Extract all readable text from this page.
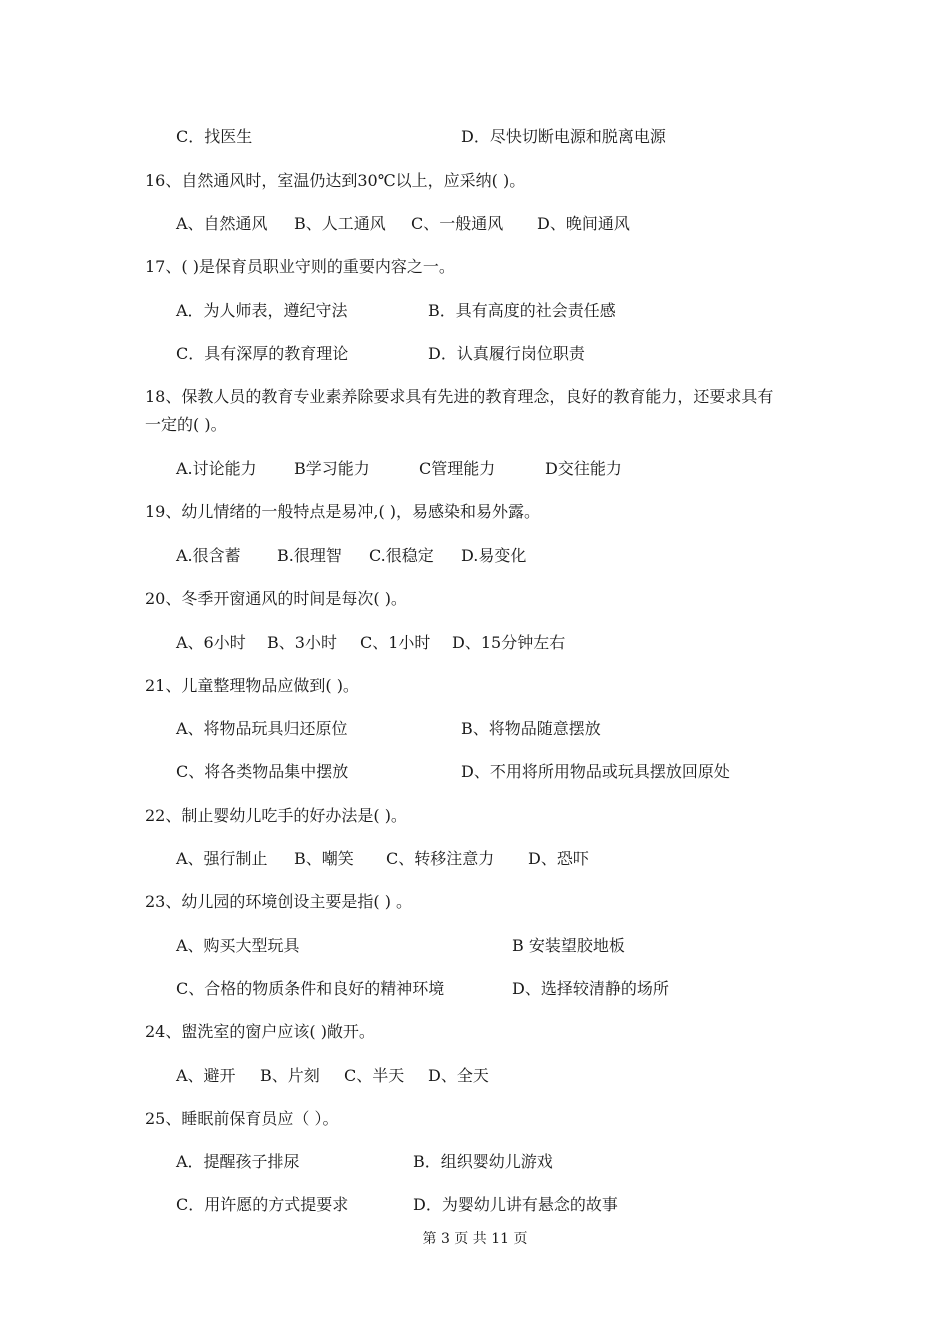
C．找医生	D．尽快切断电源和脱离电源
16、自然通风时，室温仍达到30℃以上，应采纳( )。
A、自然通风 B、人工通风 C、一般通风 D、晚间通风
17、( )是保育员职业守则的重要内容之一。
A．为人师表，遵纪守法	B．具有高度的社会责任感
C．具有深厚的教育理论	D．认真履行岗位职责
18、保教人员的教育专业素养除要求具有先进的教育理念，良好的教育能力，还要求具有
一定的( )。
A.讨论能力 B学习能力	C管理能力	D交往能力
19、幼儿情绪的一般特点是易冲,( )，易感染和易外露。
A.很含蓄 B.很理智 C.很稳定 D.易变化
20、冬季开窗通风的时间是每次( )。
A、6小时 B、3小时 C、1小时 D、15分钟左右
21、儿童整理物品应做到( )。
A、将物品玩具归还原位	B、将物品随意摆放
C、将各类物品集中摆放	D、不用将所用物品或玩具摆放回原处
22、制止婴幼儿吃手的好办法是( )。
A、强行制止 B、嘲笑 C、转移注意力 D、恐吓
23、幼儿园的环境创设主要是指( ) 。
A、购买大型玩具	B 安装望胶地板
C、合格的物质条件和良好的精神环境	D、选择较清静的场所
24、盥洗室的窗户应该( )敞开。
A、避开 B、片刻 C、半天 D、全天
25、睡眠前保育员应（ ）。
A．提醒孩子排尿	B．组织婴幼儿游戏
C．用许愿的方式提要求	D．为婴幼儿讲有悬念的故事
第 3 页 共 11 页
